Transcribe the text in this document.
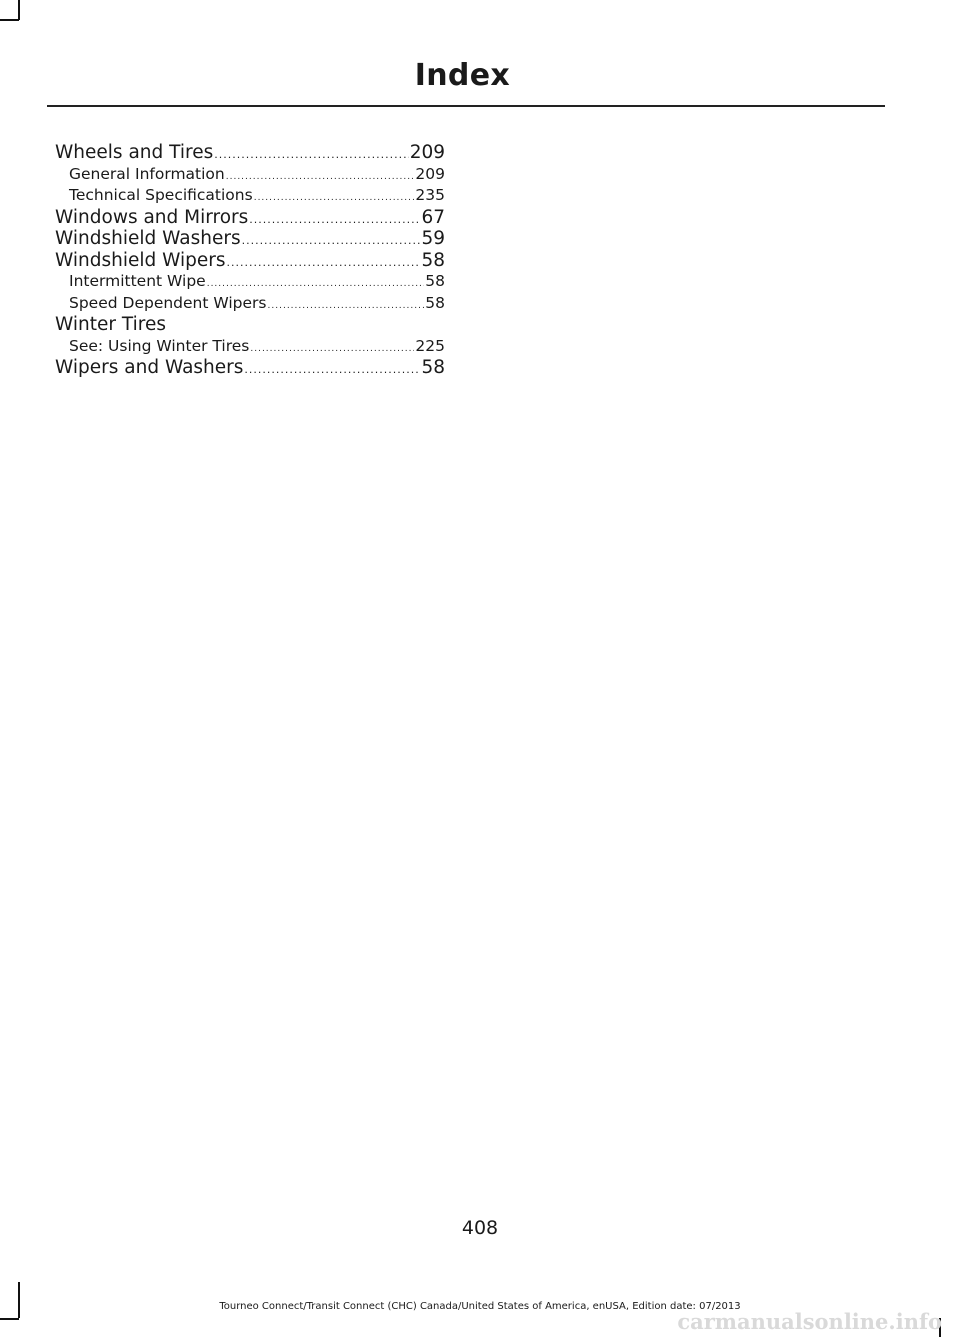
Index
Wheels and Tires .....	209
General Information .....	209
Technical Specifications .....	235
Windows and Mirrors .....	67
Windshield Washers .....	59
Windshield Wipers .....	58
Intermittent Wipe .....	58
Speed Dependent Wipers .....	58
Winter Tires
See: Using Winter Tires .....	225
Wipers and Washers .....	58
408
Tourneo Connect/Transit Connect (CHC) Canada/United States of America, enUSA, Edition date: 07/2013
carmanualsonline.info
